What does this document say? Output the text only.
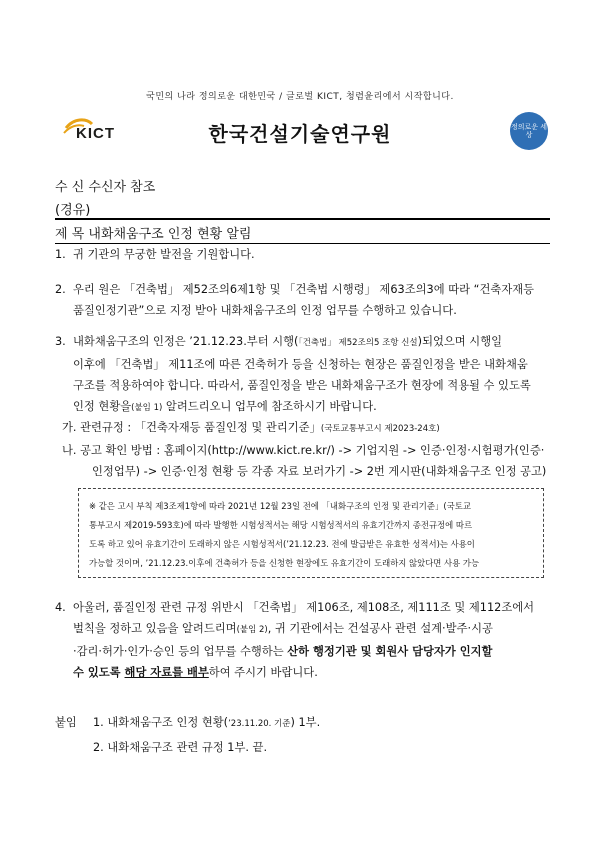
국민의 나라 정의로운 대한민국 / 글로벌 KICT, 청렴윤리에서 시작합니다.
KICT	한국건설기술연구원	정의로운 세상
수 신 수신자 참조
(경유)
제 목 내화채움구조 인정 현황 알림
1. 귀 기관의 무궁한 발전을 기원합니다.
2. 우리 원은 「건축법」 제52조의6제1항 및 「건축법 시행령」 제63조의3에 따라 “건축자재등
품질인정기관”으로 지정 받아 내화채움구조의 인정 업무를 수행하고 있습니다.
3. 내화채움구조의 인정은 ’21.12.23.부터 시행(「건축법」 제52조의5 조항 신설)되었으며 시행일
이후에 「건축법」 제11조에 따른 건축허가 등을 신청하는 현장은 품질인정을 받은 내화채움
구조를 적용하여야 합니다. 따라서, 품질인정을 받은 내화채움구조가 현장에 적용될 수 있도록
인정 현황을(붙임 1) 알려드리오니 업무에 참조하시기 바랍니다.
가. 관련규정 : 「건축자재등 품질인정 및 관리기준」(국토교통부고시 제2023-24호)
나. 공고 확인 방법 : 홈페이지(http://www.kict.re.kr/) -> 기업지원 -> 인증·인정·시험평가(인증·
인정업무) -> 인증·인정 현황 등 각종 자료 보러가기 -> 2번 게시판(내화채움구조 인정 공고)
※ 같은 고시 부칙 제3조제1항에 따라 2021년 12월 23일 전에 「내화구조의 인정 및 관리기준」(국토교
통부고시 제2019-593호)에 따라 발행한 시험성적서는 해당 시험성적서의 유효기간까지 종전규정에 따르
도록 하고 있어 유효기간이 도래하지 않은 시험성적서(’21.12.23. 전에 발급받은 유효한 성적서)는 사용이
가능할 것이며, ’21.12.23.이후에 건축허가 등을 신청한 현장에도 유효기간이 도래하지 않았다면 사용 가능
4. 아울러, 품질인정 관련 규정 위반시 「건축법」 제106조, 제108조, 제111조 및 제112조에서
벌칙을 정하고 있음을 알려드리며(붙임 2), 귀 기관에서는 건설공사 관련 설계·발주·시공
·감리·허가·인가·승인 등의 업무를 수행하는 산하 행정기관 및 회원사 담당자가 인지할
수 있도록 해당 자료를 배부하여 주시기 바랍니다.
붙임 1. 내화채움구조 인정 현황(’23.11.20. 기준) 1부.
2. 내화채움구조 관련 규정 1부. 끝.
